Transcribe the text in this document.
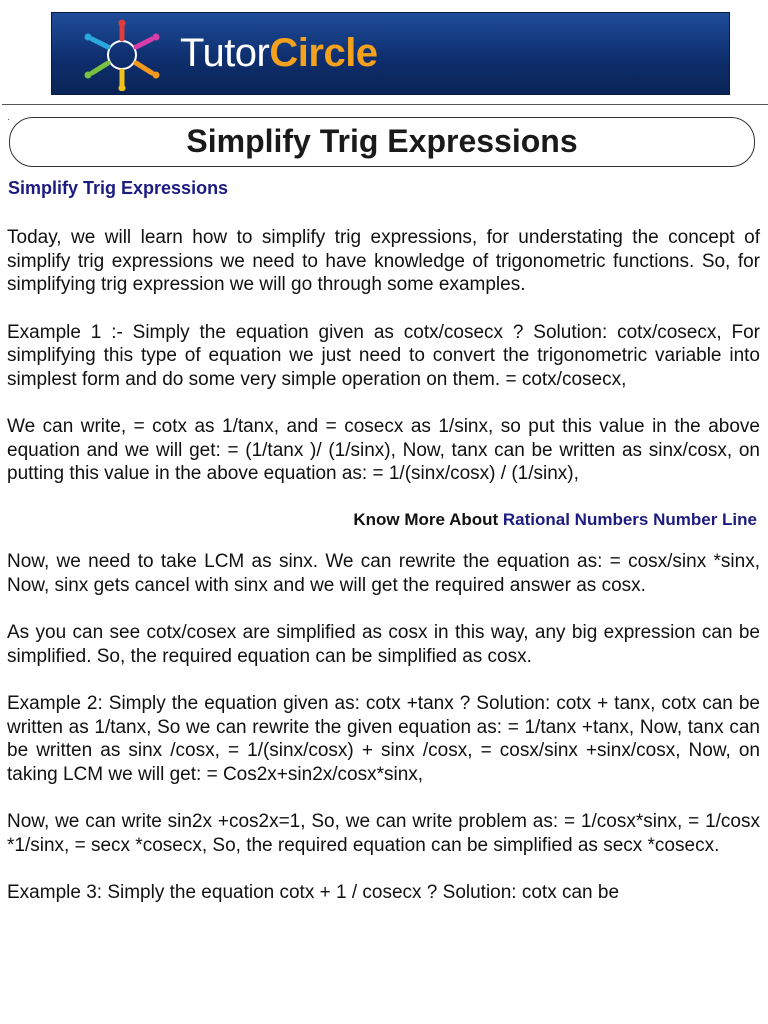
TutorCircle
·
Simplify Trig Expressions
Simplify Trig Expressions

Today, we will learn how to simplify trig expressions, for understating the concept of simplify trig expressions we need to have knowledge of trigonometric functions. So, for simplifying trig expression we will go through some examples.

Example 1 :- Simply the equation given as cotx/cosecx ? Solution: cotx/cosecx, For simplifying this type of equation we just need to convert the trigonometric variable into simplest form and do some very simple operation on them. = cotx/cosecx,

We can write, = cotx as 1/tanx, and = cosecx as 1/sinx, so put this value in the above equation and we will get: = (1/tanx )/ (1/sinx), Now, tanx can be written as sinx/cosx, on putting this value in the above equation as: = 1/(sinx/cosx) / (1/sinx),

Know More About Rational Numbers Number Line

Now, we need to take LCM as sinx. We can rewrite the equation as: = cosx/sinx *sinx, Now, sinx gets cancel with sinx and we will get the required answer as cosx.

As you can see cotx/cosex are simplified as cosx in this way, any big expression can be simplified. So, the required equation can be simplified as cosx.

Example 2: Simply the equation given as: cotx +tanx ? Solution: cotx + tanx, cotx can be written as 1/tanx, So we can rewrite the given equation as: = 1/tanx +tanx, Now, tanx can be written as sinx /cosx, = 1/(sinx/cosx) + sinx /cosx, = cosx/sinx +sinx/cosx, Now, on taking LCM we will get: = Cos2x+sin2x/cosx*sinx,

Now, we can write sin2x +cos2x=1, So, we can write problem as: = 1/cosx*sinx, = 1/cosx *1/sinx, = secx *cosecx, So, the required equation can be simplified as secx *cosecx.

Example 3: Simply the equation cotx + 1 / cosecx ? Solution: cotx can be
